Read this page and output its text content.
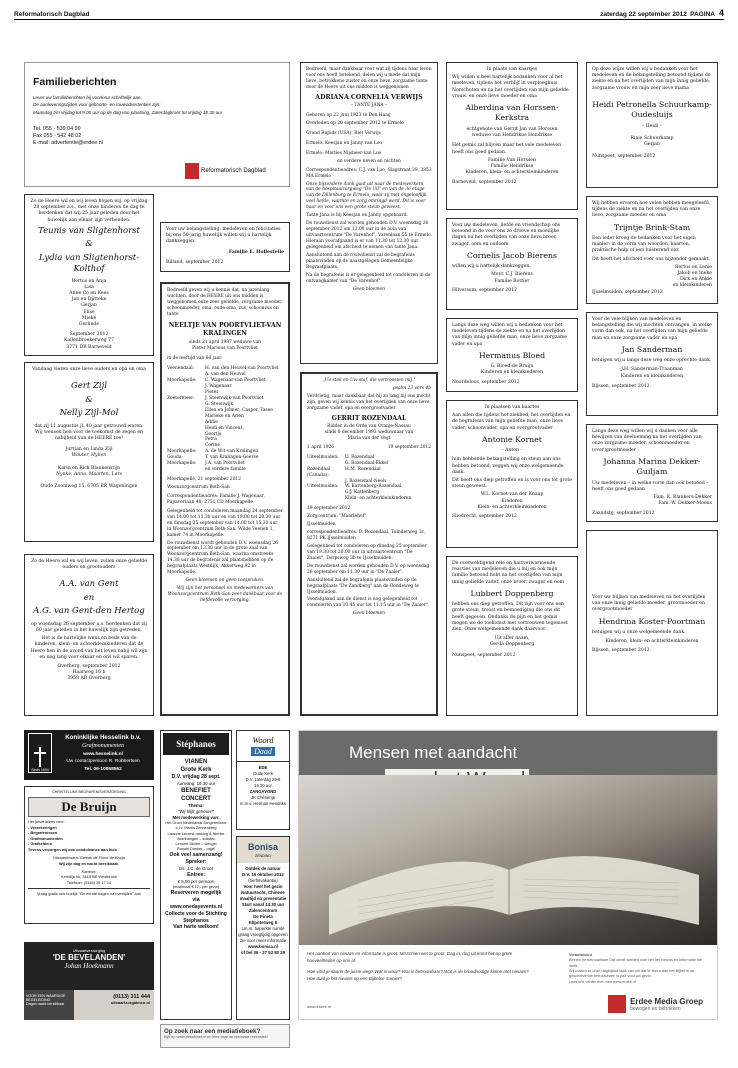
Reformatorisch Dagblad	zaterdag 22 september 2012 PAGINA 4
Familieberichten

Lever uw familieberichten bij voorkeur schriftelijk aan.

De aanleveringstijden voor geboorte- en rouwadvertenties zijn:

Maandag t/m vrijdag tot 9.00 uur op de dag van plaatsing, Zaterdagkrant tot vrijdag 18.30 uur.

Tel. 055 - 539 04 99

Fax 055 - 542 48 02

E-mail: advertentie@erdee.nl

Reformatorisch Dagblad

Zo de Heere wil en wij leven hopen wij, op vrijdag 28 september a.s., met onze kinderen de dag te herdenken dat wij 25 jaar geleden door het huwelijk aan elkaar zijn verbonden.

Teunis van Sligtenhorst
&
Lydia van Sligtenhorst-Kolthof
Bertus en Anja
Lisa
Anne Co en Kees
Jan en Djitteke
Gerjan
Elise
Mieke
Gerlinde
September 2012
Kallenbroekerweg 77
3771 DB Barneveld

Vandaag vieren onze lieve ouders en opa en oma

Gert Zijl
&
Nelly Zijl-Mol

dat zij 11 augustus jl. 40 jaar getrouwd waren. Wij wensen hen voor de toekomst de zegen en nabijheid van de HEERE toe!

Jurrian en Linda Zijl
Wouter, Hylien
Karin en Rick Blankenstijn
Nynke, Anna, Maarten, Lars
Oude Zoomweg 15, 6705 BR Wageningen

Zo de Heere wil en wij leven, zullen onze geliefde ouders en grootouders

A.A. van Gent
en
A.G. van Gent-den Hertog

op woensdag 26 september a.s. herdenken dat zij 60 jaar geleden in het huwelijk zijn getreden.

Het is de hartelijke wens en bede van de kinderen, klein- en achterkleinkinderen dat de Heere hen in de avond van het leven nabij wil zijn en nog lang voor elkaar en ons wil sparen.

Overberg, september 2012
Haarweg 16 b
3959 AB Overberg

Voor uw belangstelling, medeleven en felicitaties bij ons 50-jarig huwelijk willen wij u hartelijk dankzeggen.

Familie E. Hollestelle

Rilland, september 2012

Bedroefd geven wij u kennis dat, na jarenlang wachten, door de HEERE uit ons midden is weggenomen onze zeer geliefde, zorgzame moeder, schoonmoeder, oma, oude-oma, zus, schoonzus en tante

NEELTJE VAN POORTVLIET-VAN KRALINGEN
sinds 21 april 1987 weduwe van
Pieter Marinus van Poortvliet

in de leeftijd van 84 jaar.

Veenendaal:	H. van den Heuvel-van Poortvliet
A. van den Heuvel
Moerkapelle:	C. Wagenaar-van Poortvliet
J. Wagenaar
Pieter
Zoetermeer:	J. Steenwijk-van Poortvliet
G. Steenwijk
Ellen en Jelmer; Casper, Tasee
Marieke en Arien
Addie
Heidi en Vincent
Geertje
Petra
Corine
Moerkapelle:	A. de Wit-van Kralingen
Gouda:	T. van Kralingen-Geerse
Moerkapelle:	J.A. van Poortvliet
en verdere familie

Moerkapelle, 21 september 2012

Woonzorgcentrum Beth-San

Correspondentieadres: Familie J. Wagenaar, Papaverlaan 40, 2751 CD Moerkapelle

Gelegenheid tot condoleren maandag 24 september van 14.00 tot 15.30 uur en van 19.00 tot 20.30 uur en dinsdag 25 september van 14.00 tot 15.30 uur in Woonzorgcentrum Beth-San, Wilde Veenen 1, kamer 74 in Moerkapelle.

De rouwdienst wordt gehouden D.V. woensdag 26 september om 13.30 uur in de grote zaal van Woonzorgcentrum Beth-San, waarna omstreeks 14.30 uur de begrafenis zal plaatshebben op de begraafplaats Westdijk, Akkerweg 92 in Moerkapelle.

Geen bloemen en geen toespraken.

Wij zijn het personeel en medewerkers van Woonzorgcentrum Beth-San zeer dankbaar voor de liefdevolle verzorging.

Bedroefd, maar dankbaar voor wat zij tijdens haar leven voor ons heeft betekend, delen wij u mede dat mijn lieve, betrokkene zuster en onze lieve, zorgzame tante door de Heere uit ons midden is weggenomen

ADRIANA CORNELIA VERWIJS
– TANTE JANA –

Geboren op 22 juni 1923 te Den Haag

Overleden op 20 september 2012 te Ermelo

Grand Rapids (USA): Riet Verwijs

Ermelo: Keesjan en Janny van Loo

Ermelo: Marlies Nijsbeer-van Loo

en verdere neven en nichten

Correspondentieadres: C.J. van Loo, Slagstraat 29, 3853 MA Ermelo

Onze bijzondere dank gaat uit naar de medewerkers van de hospitaalzorgweg "De Uil" en van de 3e etage van de Dillenburg te Ermelo, waar zij met ongelooflijk veel liefde, warmte en zorg omringd werd. Dit is voor haar en voor ons een grote steun geweest.

Tante Jana is bij Keesjan en Janny opgebaard.

De rouwdienst zal worden gehouden D.V. woensdag 26 september 2012 om 13.00 uur in de aula van uitvaartcentrum "De Varenhof", Varenlaan 55 te Ermelo. Hieraan voorafgaand is er van 11.30 tot 12.30 uur gelegenheid om afscheid te nemen van tante Jana.

Aansluitend aan de rouwdienst zal de begrafenis plaatsvinden op de naastgelegen Gemeentelijke Begraafplaats.

Na de begrafenis is er gelegenheid tot condoleren in de ontvangkamer van "De Varenhof".

Geen bloemen

„Ue stok en Uw staf, die vertroosten mij."

psalm 23 vers 4b

Verdrietig, maar dankbaar dat hij zo lang bij ons mocht zijn, geven wij kennis van het overlijden van onze lieve, zorgzame vader, opa en overgrootvader

GERRIT ROZENDAAL
Ridder in de Orde van Oranje-Nassau
sinds 8 december 1993 weduwnaar van
Maria van der Vegt
1 april 1926	19 september 2012
Uiteelmuiden:	D. Rozendaal
G. Rozendaal-Ekkel
Rozendaal (Canada):
H.M. Rozendaal
J. Rozendaal-Neels
Uiteelmuiden:	W. Kattenberg-Rozendaal
G.J. Kattenberg
Klein- en achterkleinkinderen

19 september 2012

Zorgcentrum: "Maarlehof"

IJsselmuiden

correspondentieadres: D. Rozendaal, Tuinderweg 3c, 8271 PK IJsselmuiden

Gelegenheid tot condoleren op dinsdag 25 september van 19.30 tot 20.00 uur in uitvaartcentrum "De Zaaier", Dorpsweg 3b te IJsselmuiden.

De rouwdienst zal worden gehouden D.V. op woensdag 26 september om 11.30 uur in "De Zaaier".

Aansluitend zal de begrafenis plaatsvinden op de begraafplaats "De Zandberg" aan de Rondeweg te IJsselmuiden.

Voorafgaand aan de dienst is nog gelegenheid tot condoleren van 10.45 uur tot 11.15 uur in "De Zaaier".

Geen bloemen

In plaats van kaartjes

Wij willen u heel hartelijk bedanken voor al het meeleven, tijdens het verblijf in verpleeghuis Norschoten en na het overlijden van mijn geliefde vrouw, en onze lieve moeder en oma

Alberdina van Horssen-Kerkstra
echtgenote van Gerrit Jan van Horssen
weduwe van Hendrikus Hendrikse

Het gemis zal blijven maar het vele medeleven heeft ons goed gedaan.

Familie Van Horssen
Familie Hendrikse
Kinderen, klein- en achterkleinkinderen

Barneveld, september 2012

Voor uw medeleven, liefde en vriendschap ons betoond in de voor ons zo droeve en moeilijke dagen na het overlijden van onze lieve broer, zwager, oom en oudoom

Cornelis Jacob Bierens

willen wij u hartelijk dankzeggen.

Mevr. C.J. Bierens
Familie Rottier

Hilversum, september 2012

Langs deze weg willen wij u bedanken voor het medeleven tijdens de ziekte en na het overlijden van mijn innig geliefde man, onze lieve zorgzame vader en opa

Hermanus Bloed
G. Bloed-de Bruijn
Kinderen en kleinkinderen

Noordeloos, september 2012

In plaatsen van kaartes

Aan allen die tijdens het ziekbed, het overlijden en de begrafenis van mijn geliefde man, onze lieve vader, schoonvader, opa en overgrootvader

Antonie Kornet
– Anton –

hun hebbende belangstelling en steun aan ons hebben betoond, zeggen wij onze welgemeende dank.

Dit heeft ons diep getroffen en is voor ons tot grote steun geweest.

W.L. Kornet-van der Knaap
Kinderen
Klein- en achterkleinkinderen

Sliedrecht, september 2012

De overweldigend rele en hartverwarmende reacties van medeleven die u mij en ook mijn familie betoond hebt na het overlijden van mijn innig geliefde vader, onze broer, zwager en oom

Lubbert Doppenberg

hebben ons diep getroffen. Dit zijn voor ons een grote steun, troost en bemoediging die ons dit heeft gegeven. Ondanks de pijn en het gemis mogen we de toekomst met vertrouwen tegemoet zien. Onze welgemeende dank daarvoor.

Uit aller naam,
Gerda Doppenberg

Nunspeet, september 2012

Op deze wijze willen wij u bedanken voor het medeleven en de belangstelling betoond tijdens de ziekte en na het overlijden van mijn innig geliefde, zorgzame vrouw en mijn zeer lieve mama

Heidi Petronella Schuurkamp-Oudesluijs
– Heidi –
Rinie Schuurkamp
Gerjan

Nunspeet, september 2012

Wij hebben ervaren hoe velen hebben meegeleefd, tijdens de ziekte en na het overlijden van onze lieve, zorgzame moeder en oma

Trijntje Brink-Stam

Een ieder kreeg de bedanken voor het eigen manier: in de vorm van woorden, kaarten, praktische hulp of een luisterend oor.

Dit heeft het afscheid voor ons bijzonder gemaakt.

Bertus en Lenie
Jakob en Ineke
Dirk en Ankie
en kleinkinderen

IJsselmuiden, september 2012

Voor de vele blijken van medeleven en belangstelling die wij mochten ontvangen, in welke vorm dan ook, na het overlijden van mijn geliefde man en onze zorgzame vader en opa

Jan Sanderman

betuigen wij u langs deze weg onze oprechte dank.

J.H. Sanderman-Traanman
Kinderen en kleinkinderen

Rijssen, september 2012

Langs deze weg willen wij u danken voor alle bewijzen van deelneming na het overlijden van onze zorgzame moeder, schoonmoeder en (over)grootmoeder

Johanna Marina Dekker-Guiljam

Uw medeleven – in welke vorm dan ook betoond – heeft ons goed gedaan.

Fam. K. Blankers-Dekker
Fam. W. Dekker-Moens

Zaandstg, september 2012

Voor uw blijken van medeleven na het overlijden van onze innig geliefde moeder, grootmoeder en overgrootmoeder

Hendrina Koster-Poortman

betuigen wij u onze welgemeende dank.

Kinderen, klein- en achterkleinkinderen

Rijssen, september 2012

Sinds 1904
Koninklijke Hesselink b.v.
Grafmonumenten
www.hesselink.nl
Uw contactpersoon R. Robbertsen
Tel. 06-10058562
CHRISTELIJKE BEGRAFENISVERZORGING
De Bruijn
Het juiste adres voor:
- Verzekeringen
- Begrafenissen
- Grafmonumenten
- Grafkelders
Tevens verzorgen wij ook condoleance aan huis
Uitvaartkosten: Steeds de Firma de Bruijn
Wij zijn dag en nacht bereikbaar.
Kantoor:
Kerkdijk 9b, 3615 BE Westbroek
Telefoon: (0346) 28 17 14
Vraag gratis ons boekje "De eerste dagen na overlijden" aan
Uitvaartverzorging
'DE BEVELANDEN'
Johan Hoekmann
VOOR EEN WAARDIGE BEGELEIDING
Dagen nacht bereikbaar
(0113) 311 444
uitvaartzorgalmen.nl
Stéphanos
VIANEN
Grote Kerk
D.V. vrijdag 28 sept.
Aanvang: 19.30 uur
BENEFIET
CONCERT
Thema:
"Wij blijft getrouw!"
Met medewerking van:
Het Groot Nederlands Jongerenkoor o.l.v. Martin Zonnenberg
Lisanne Lecrest-ranking & Nienke Voortbangen – solisten
Lennert Moree – vleugel
Ronald Donker – orgel
Ook veel samenzang!
Spreker:
Ds. J.C. de Groot
Entree:
€ 5,00 per persoon
(maximaal € 12,- per gezin)
Reserveren mogelijk
via
www.onedayevents.nl
Collecte voor de Stichting Stéphanos
Van harte welkom!
Woord
Daad
EDE
Oude Kerk
D.V. zaterdag 29-9
19.30 uur
ZANGAVOND
JK Chénérija
m.m.v. Herman Hendriks
Bonisa
ZENDING
Ontdek de natuur
D.V. 16 oktober 2012
(herfstvakantie)
Voor heel het gezin
Natuurtocht, Chinese maaltijd en presentatie
Start vanaf 14.30 uur
Zalencentrum
De Pineta
Eltpoterweg 6
Lm.m. beperkte ruimte graag vroegtijdig opgeven
Zie voor meer informatie
www.bonisa.nl
of bel 06 - 27 53 80 29
Mensen met aandacht
Het aanbod van nieuws en informatie is groot. Misschien wel te groot. Dag in, dag uit komt het op grote hoeveelheden op ons af.
Hoe vind je daarin de juiste weg? Wat is waar? Wat is betrouwbaar? Wat is de broodnodige kleine met nieuws? Hoe duid je het nieuws op een Bijbelse manier?
Verantwoord
Binnen en betrouwbare Dat christ worden voor het het nieuws en informatie die deelt.
Wij maken er onze dagelijkse taak van om dat te lezen aan het Bijbel in de geschrevende betrouwbare in pad voor uw gezin.
Lees ons verder met mee www.erdee.nl
www.erdee.nl
Erdee Media Groep
bewogen en betrokken
Op zoek naar een mediatieboek?
Kijk op www.dekabinet.nl en lees daar de nieuwste recensies!
